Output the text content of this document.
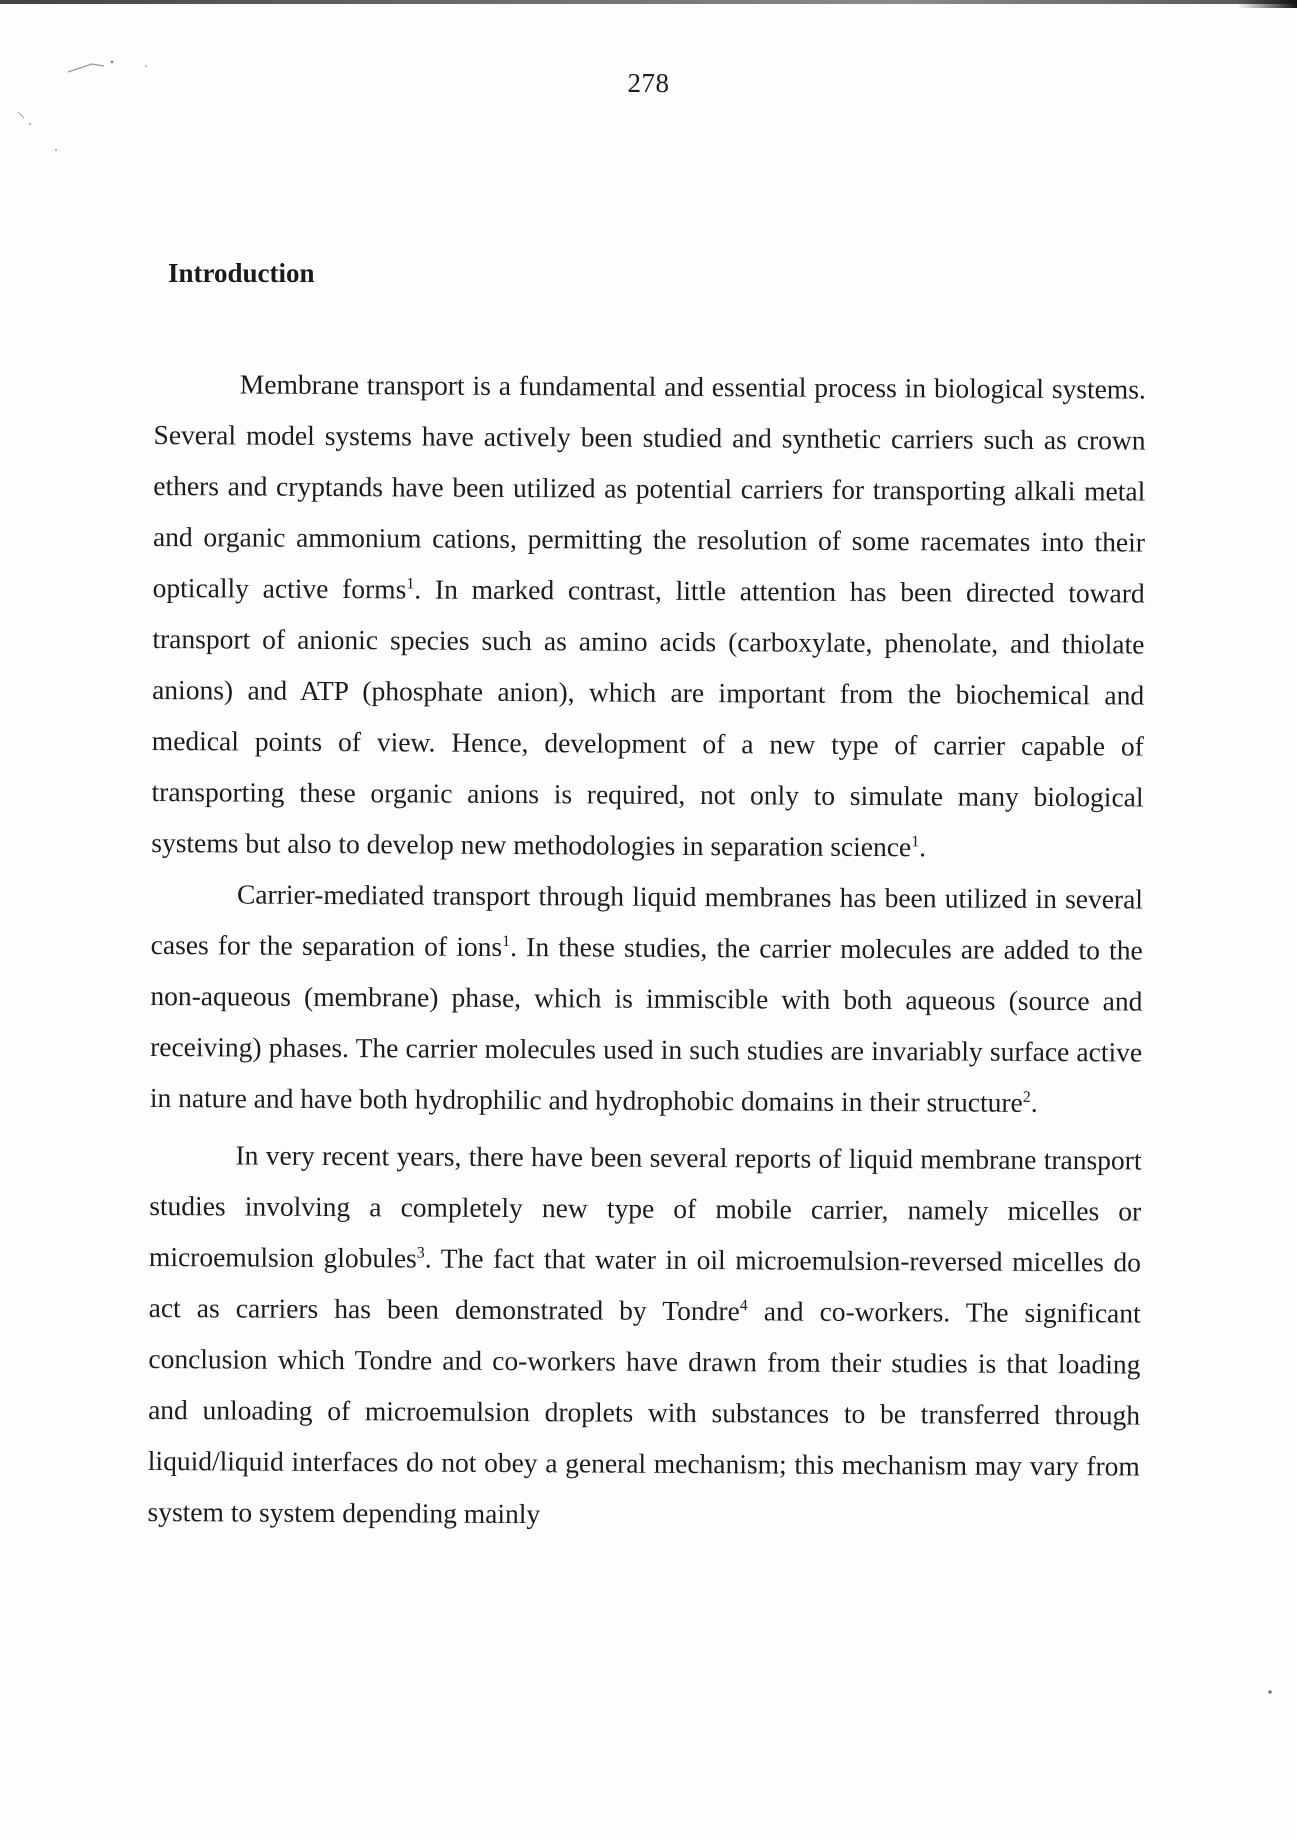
278
Introduction

Membrane transport is a fundamental and essential process in biological systems. Several model systems have actively been studied and synthetic carriers such as crown ethers and cryptands have been utilized as potential carriers for transporting alkali metal and organic ammonium cations, permitting the resolution of some racemates into their optically active forms$^1$. In marked contrast, little attention has been directed toward transport of anionic species such as amino acids (carboxylate, phenolate, and thiolate anions) and ATP (phosphate anion), which are important from the biochemical and medical points of view. Hence, development of a new type of carrier capable of transporting these organic anions is required, not only to simulate many biological systems but also to develop new methodologies in separation science$^1$.

Carrier-mediated transport through liquid membranes has been utilized in several cases for the separation of ions$^1$. In these studies, the carrier molecules are added to the non-aqueous (membrane) phase, which is immiscible with both aqueous (source and receiving) phases. The carrier molecules used in such studies are invariably surface active in nature and have both hydrophilic and hydrophobic domains in their structure$^2$.

In very recent years, there have been several reports of liquid membrane transport studies involving a completely new type of mobile carrier, namely micelles or microemulsion globules$^3$. The fact that water in oil microemulsion-reversed micelles do act as carriers has been demonstrated by Tondre$^4$ and co-workers. The significant conclusion which Tondre and co-workers have drawn from their studies is that loading and unloading of microemulsion droplets with substances to be transferred through liquid/liquid interfaces do not obey a general mechanism; this mechanism may vary from system to system depending mainly
